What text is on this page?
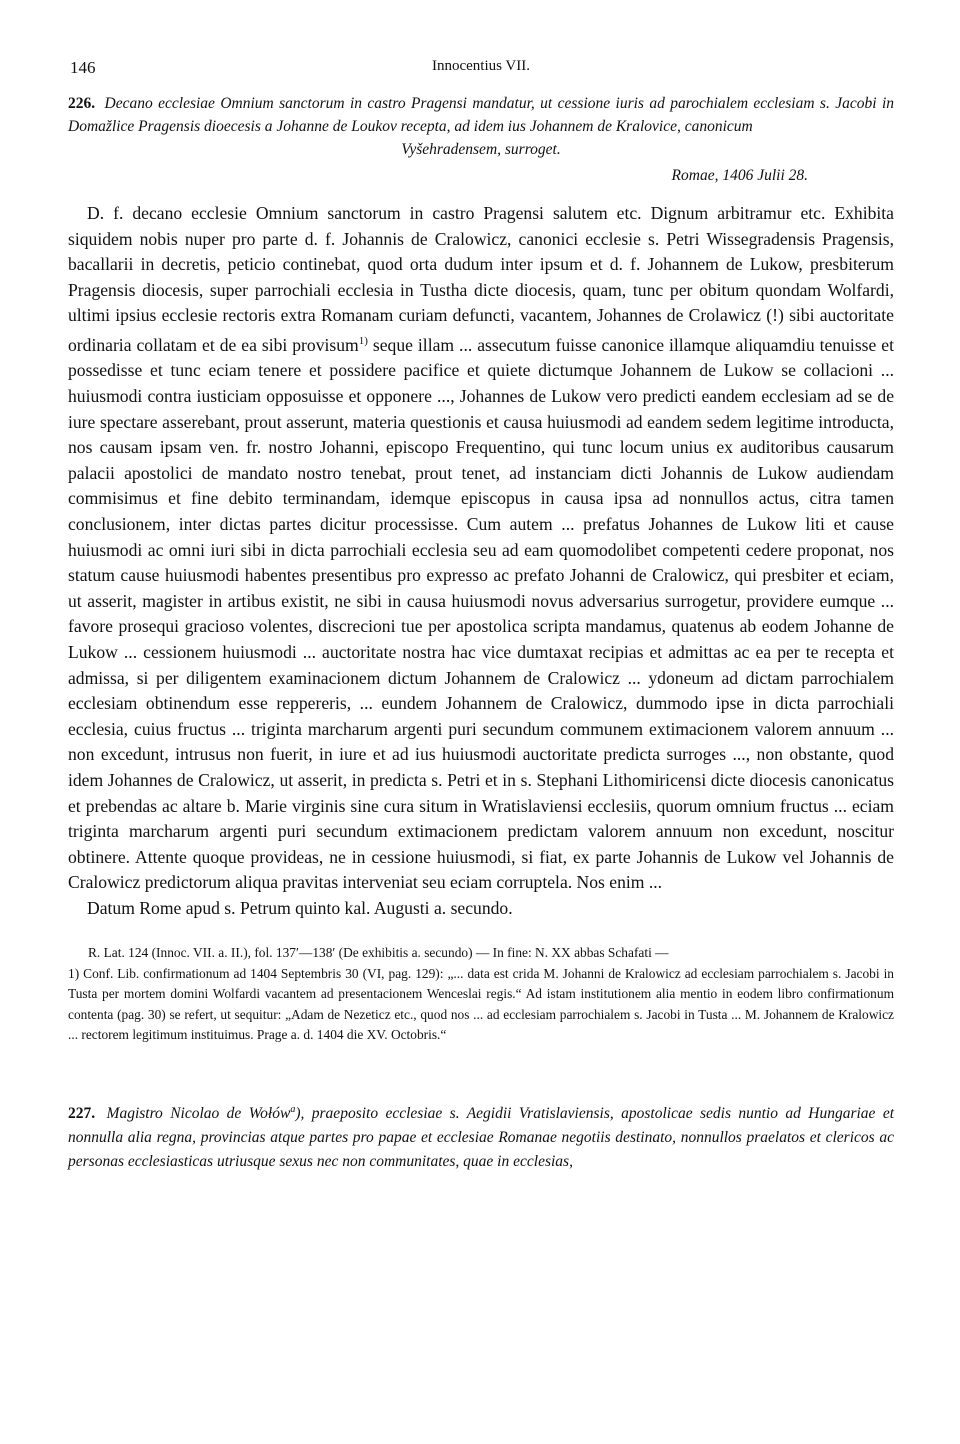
146	Innocentius VII.

226. Decano ecclesiae Omnium sanctorum in castro Pragensi mandatur, ut cessione iuris ad parochialem ecclesiam s. Jacobi in Domažlice Pragensis dioecesis a Johanne de Loukov recepta, ad idem ius Johannem de Kralovice, canonicum

Vyšehradensem, surroget.

Romae, 1406 Julii 28.

D. f. decano ecclesie Omnium sanctorum in castro Pragensi salutem etc. Dignum arbitramur etc. Exhibita siquidem nobis nuper pro parte d. f. Johannis de Cralowicz, canonici ecclesie s. Petri Wissegradensis Pragensis, bacallarii in decretis, peticio continebat, quod orta dudum inter ipsum et d. f. Johannem de Lukow, presbiterum Pragensis diocesis, super parrochiali ecclesia in Tustha dicte diocesis, quam, tunc per obitum quondam Wolfardi, ultimi ipsius ecclesie rectoris extra Romanam curiam defuncti, vacantem, Johannes de Crolawicz (!) sibi auctoritate ordinaria collatam et de ea sibi provisum$^{1)}$ seque illam ... assecutum fuisse canonice illamque aliquamdiu tenuisse et possedisse et tunc eciam tenere et possidere pacifice et quiete dictumque Johannem de Lukow se collacioni ... huiusmodi contra iusticiam opposuisse et opponere ..., Johannes de Lukow vero predicti eandem ecclesiam ad se de iure spectare asserebant, prout asserunt, materia questionis et causa huiusmodi ad eandem sedem legitime introducta, nos causam ipsam ven. fr. nostro Johanni, episcopo Frequentino, qui tunc locum unius ex auditoribus causarum palacii apostolici de mandato nostro tenebat, prout tenet, ad instanciam dicti Johannis de Lukow audiendam commisimus et fine debito terminandam, idemque episcopus in causa ipsa ad nonnullos actus, citra tamen conclusionem, inter dictas partes dicitur processisse. Cum autem ... prefatus Johannes de Lukow liti et cause huiusmodi ac omni iuri sibi in dicta parrochiali ecclesia seu ad eam quomodolibet competenti cedere proponat, nos statum cause huiusmodi habentes presentibus pro expresso ac prefato Johanni de Cralowicz, qui presbiter et eciam, ut asserit, magister in artibus existit, ne sibi in causa huiusmodi novus adversarius surrogetur, providere eumque ... favore prosequi gracioso volentes, discrecioni tue per apostolica scripta mandamus, quatenus ab eodem Johanne de Lukow ... cessionem huiusmodi ... auctoritate nostra hac vice dumtaxat recipias et admittas ac ea per te recepta et admissa, si per diligentem examinacionem dictum Johannem de Cralowicz ... ydoneum ad dictam parrochialem ecclesiam obtinendum esse reppereris, ... eundem Johannem de Cralowicz, dummodo ipse in dicta parrochiali ecclesia, cuius fructus ... triginta marcharum argenti puri secundum communem extimacionem valorem annuum ... non excedunt, intrusus non fuerit, in iure et ad ius huiusmodi auctoritate predicta surroges ..., non obstante, quod idem Johannes de Cralowicz, ut asserit, in predicta s. Petri et in s. Stephani Lithomiricensi dicte diocesis canonicatus et prebendas ac altare b. Marie virginis sine cura situm in Wratislaviensi ecclesiis, quorum omnium fructus ... eciam triginta marcharum argenti puri secundum extimacionem predictam valorem annuum non excedunt, noscitur obtinere. Attente quoque provideas, ne in cessione huiusmodi, si fiat, ex parte Johannis de Lukow vel Johannis de Cralowicz predictorum aliqua pravitas interveniat seu eciam corruptela. Nos enim ...

Datum Rome apud s. Petrum quinto kal. Augusti a. secundo.

R. Lat. 124 (Innoc. VII. a. II.), fol. 137′—138′ (De exhibitis a. secundo) — In fine: N. XX abbas Schafati —

1) Conf. Lib. confirmationum ad 1404 Septembris 30 (VI, pag. 129): „... data est crida M. Johanni de Kralowicz ad ecclesiam parrochialem s. Jacobi in Tusta per mortem domini Wolfardi vacantem ad presentacionem Wenceslai regis.“ Ad istam institutionem alia mentio in eodem libro confirmationum contenta (pag. 30) se refert, ut sequitur: „Adam de Nezeticz etc., quod nos ... ad ecclesiam parrochialem s. Jacobi in Tusta ... M. Johannem de Kralowicz ... rectorem legitimum instituimus. Prage a. d. 1404 die XV. Octobris.“

227. Magistro Nicolao de Wołów$^a$), praeposito ecclesiae s. Aegidii Vratislaviensis, apostolicae sedis nuntio ad Hungariae et nonnulla alia regna, provincias atque partes pro papae et ecclesiae Romanae negotiis destinato, nonnullos praelatos et clericos ac personas ecclesiasticas utriusque sexus nec non communitates, quae in ecclesias,
